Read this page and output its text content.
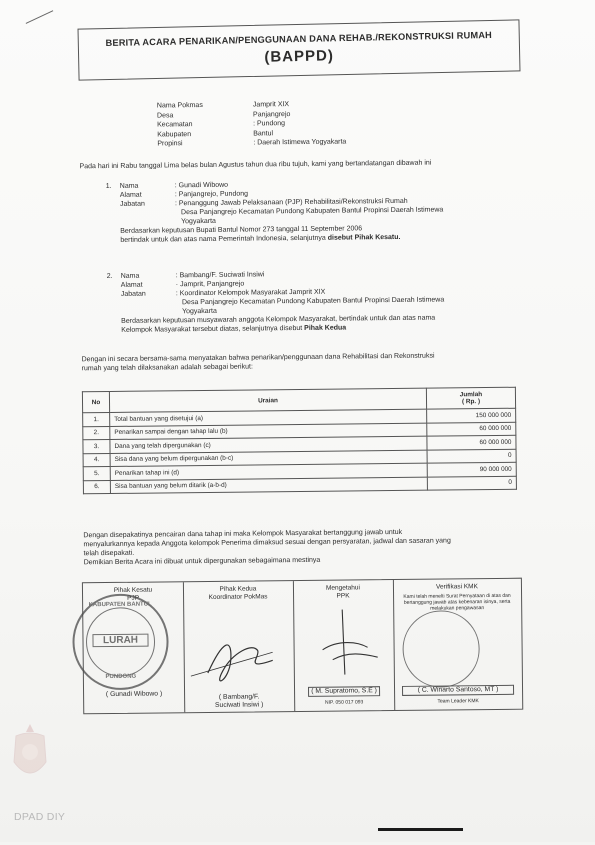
BERITA ACARA PENARIKAN/PENGGUNAAN DANA REHAB./REKONSTRUKSI RUMAH
(BAPPD)
Nama Pokmas	Jamprit XIX
Desa	Panjangrejo
Kecamatan	: Pundong
Kabupaten	Bantul
Propinsi	: Daerah Istimewa Yogyakarta
Pada hari ini Rabu tanggal Lima belas bulan Agustus tahun dua ribu tujuh, kami yang bertandatangan dibawah ini
1. Nama	: Gunadi Wibowo
Alamat	: Panjangrejo, Pundong
Jabatan	: Penanggung Jawab Pelaksanaan (PJP) Rehabilitasi/Rekonstruksi Rumah
Desa Panjangrejo Kecamatan Pundong Kabupaten Bantul Propinsi Daerah Istimewa
Yogyakarta
Berdasarkan keputusan Bupati Bantul Nomor 273 tanggal 11 September 2006
bertindak untuk dan atas nama Pemerintah Indonesia, selanjutnya disebut Pihak Kesatu.
2. Nama	: Bambang/F. Suciwati Insiwi
Alamat	· Jamprit, Panjangrejo
Jabatan	: Koordinator Kelompok Masyarakat Jamprit XIX
Desa Panjangrejo Kecamatan Pundong Kabupaten Bantul Propinsi Daerah Istimewa
Yogyakarta
Berdasarkan keputusan musyawarah anggota Kelompok Masyarakat, bertindak untuk dan atas nama
Kelompok Masyarakat tersebut diatas, selanjutnya disebut Pihak Kedua
Dengan ini secara bersama-sama menyatakan bahwa penarikan/penggunaan dana Rehabilitasi dan Rekonstruksi
rumah yang telah dilaksanakan adalah sebagai berikut:
No	Uraian	Jumlah
( Rp. )

1.	Total bantuan yang disetujui (a)	150 000 000
2.	Penarikan sampai dengan tahap lalu (b)	60 000 000
3.	Dana yang telah dipergunakan (c)	60 000 000
4.	Sisa dana yang belum dipergunakan (b-c)	0
5.	Penarikan tahap ini (d)	90 000 000
6.	Sisa bantuan yang belum ditarik (a-b-d)	0
Dengan disepakatinya pencairan dana tahap ini maka Kelompok Masyarakat bertanggung jawab untuk
menyalurkannya kepada Anggota kelompok Penerima dimaksud sesuai dengan persyaratan, jadwal dan sasaran yang
telah disepakati.
Demikian Berita Acara ini dibuat untuk dipergunakan sebagaimana mestinya
Pihak Kesatu
PJP
( Gunadi Wibowo )
Pihak Kedua
Koordinator PokMas
( Bambang/F.
Suciwati Insiwi )
Mengetahui
PPK
( M. Supratomo, S.E )
NIP. 050 017 093
Verifikasi KMK
Kami telah menelti Surat Pernyataan di atas dan bertanggung jawab atas kebenaran isinya, serta melakukan pengawasan
( C. Winarto Santoso, MT )
Team Leader KMK
KABUPATEN BANTUL
LURAH
PUNDONG
DPAD DIY
